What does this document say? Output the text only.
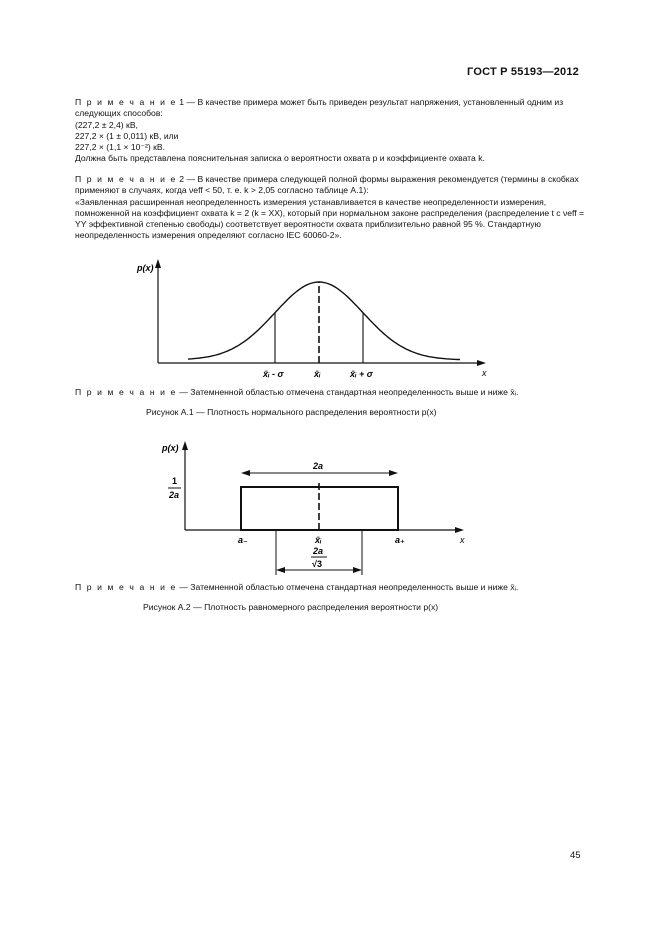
ГОСТ Р 55193—2012
П р и м е ч а н и е 1 — В качестве примера может быть приведен результат напряжения, установленный одним из следующих способов:
(227,2 ± 2,4) кВ,
227,2 × (1 ± 0,011) кВ, или
227,2 × (1,1 × 10⁻²) кВ.
Должна быть представлена пояснительная записка о вероятности охвата p и коэффициенте охвата k.
П р и м е ч а н и е 2 — В качестве примера следующей полной формы выражения рекомендуется (термины в скобках применяют в случаях, когда νeff < 50, т. е. k > 2,05 согласно таблице А.1):
«Заявленная расширенная неопределенность измерения устанавливается в качестве неопределенности измерения, помноженной на коэффициент охвата k = 2 (k = XX), который при нормальном законе распределения (распределение t с νeff = YY эффективной степенью свободы) соответствует вероятности охвата приблизительно равной 95 %. Стандартную неопределенность измерения определяют согласно IEC 60060-2».
p(x)
x
x̄ᵢ - σ	x̄ᵢ	x̄ᵢ + σ
П р и м е ч а н и е — Затемненной областью отмечена стандартная неопределенность выше и ниже x̄ᵢ.
Рисунок А.1 — Плотность нормального распределения вероятности p(x)
1
2a
p(x)
x
2a
a₋	x̄ᵢ	a₊
2a
√3
П р и м е ч а н и е — Затемненной областью отмечена стандартная неопределенность выше и ниже x̄ᵢ.
Рисунок А.2 — Плотность равномерного распределения вероятности p(x)
45
